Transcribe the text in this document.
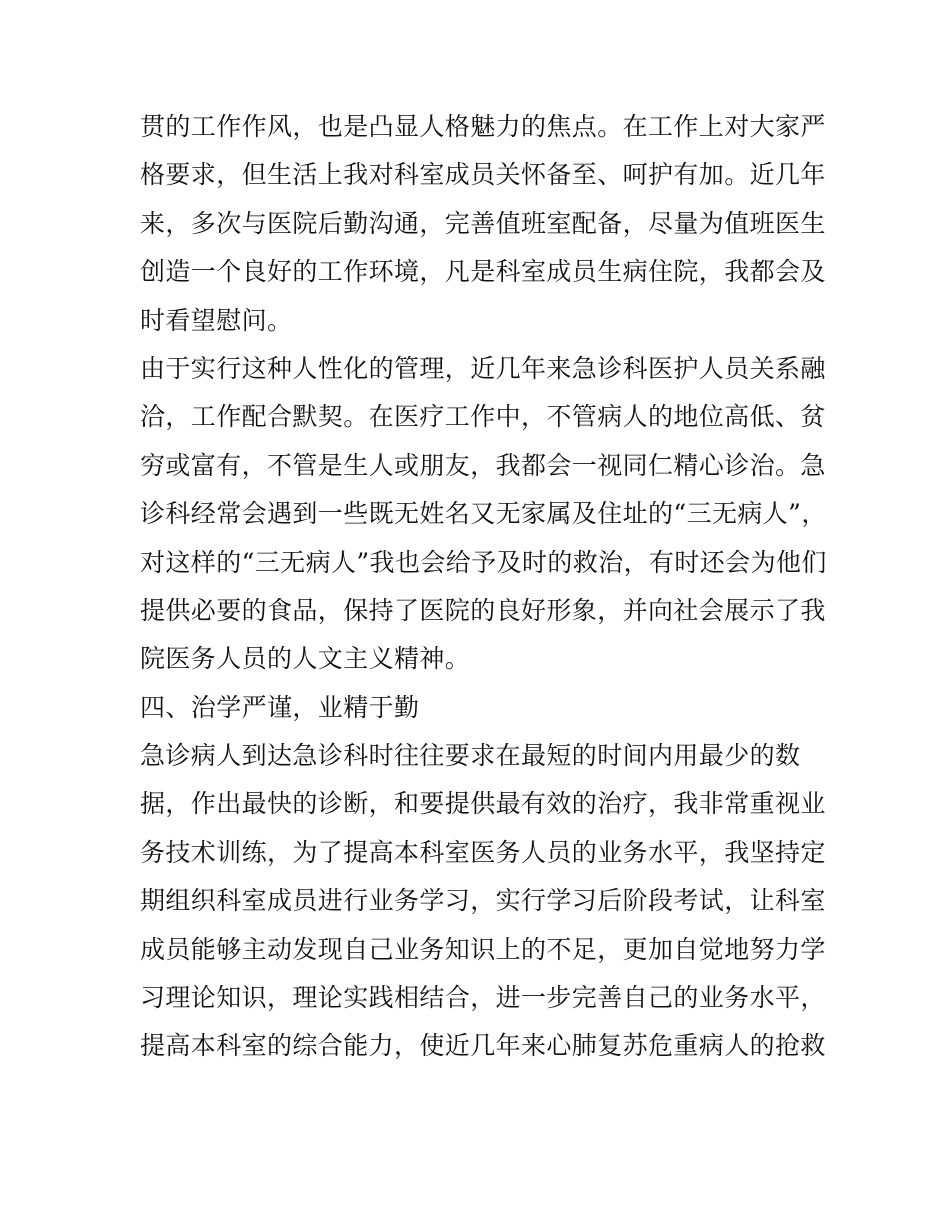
贯的工作作风，也是凸显人格魅力的焦点。在工作上对大家严
格要求，但生活上我对科室成员关怀备至、呵护有加。近几年
来，多次与医院后勤沟通，完善值班室配备，尽量为值班医生
创造一个良好的工作环境，凡是科室成员生病住院，我都会及
时看望慰问。
由于实行这种人性化的管理，近几年来急诊科医护人员关系融
洽，工作配合默契。在医疗工作中，不管病人的地位高低、贫
穷或富有，不管是生人或朋友，我都会一视同仁精心诊治。急
诊科经常会遇到一些既无姓名又无家属及住址的“三无病人”，
对这样的“三无病人”我也会给予及时的救治，有时还会为他们
提供必要的食品，保持了医院的良好形象，并向社会展示了我
院医务人员的人文主义精神。
四、治学严谨，业精于勤
急诊病人到达急诊科时往往要求在最短的时间内用最少的数
据，作出最快的诊断，和要提供最有效的治疗，我非常重视业
务技术训练，为了提高本科室医务人员的业务水平，我坚持定
期组织科室成员进行业务学习，实行学习后阶段考试，让科室
成员能够主动发现自己业务知识上的不足，更加自觉地努力学
习理论知识，理论实践相结合，进一步完善自己的业务水平，
提高本科室的综合能力，使近几年来心肺复苏危重病人的抢救
